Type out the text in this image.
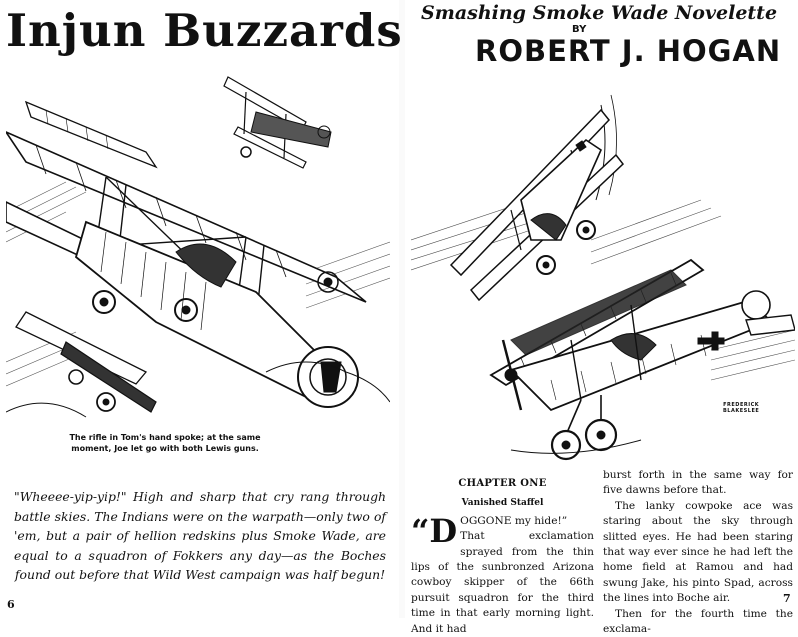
Injun Buzzards
The rifle in Tom's hand spoke; at the same
moment, Joe let go with both Lewis guns.
"Wheeee-yip-yip!" High and sharp that cry rang through battle skies. The Indians were on the warpath—only two of 'em, but a pair of hellion redskins plus Smoke Wade, are equal to a squadron of Fokkers any day—as the Boches found out before that Wild West campaign was half begun!
6
Smashing Smoke Wade Novelette
BY
ROBERT J. HOGAN
FREDERICK
BLAKESLEE
CHAPTER ONE
Vanished Staffel

“DOGGONE my hide!”
That exclamation sprayed from the thin lips of the sunbronzed Arizona cowboy skipper of the 66th pursuit squadron for the third time in that early morning light. And it had

burst forth in the same way for five dawns before that.

The lanky cowpoke ace was staring about the sky through slitted eyes. He had been staring that way ever since he had left the home field at Ramou and had swung Jake, his pinto Spad, across the lines into Boche air.

Then for the fourth time the exclama-

7
